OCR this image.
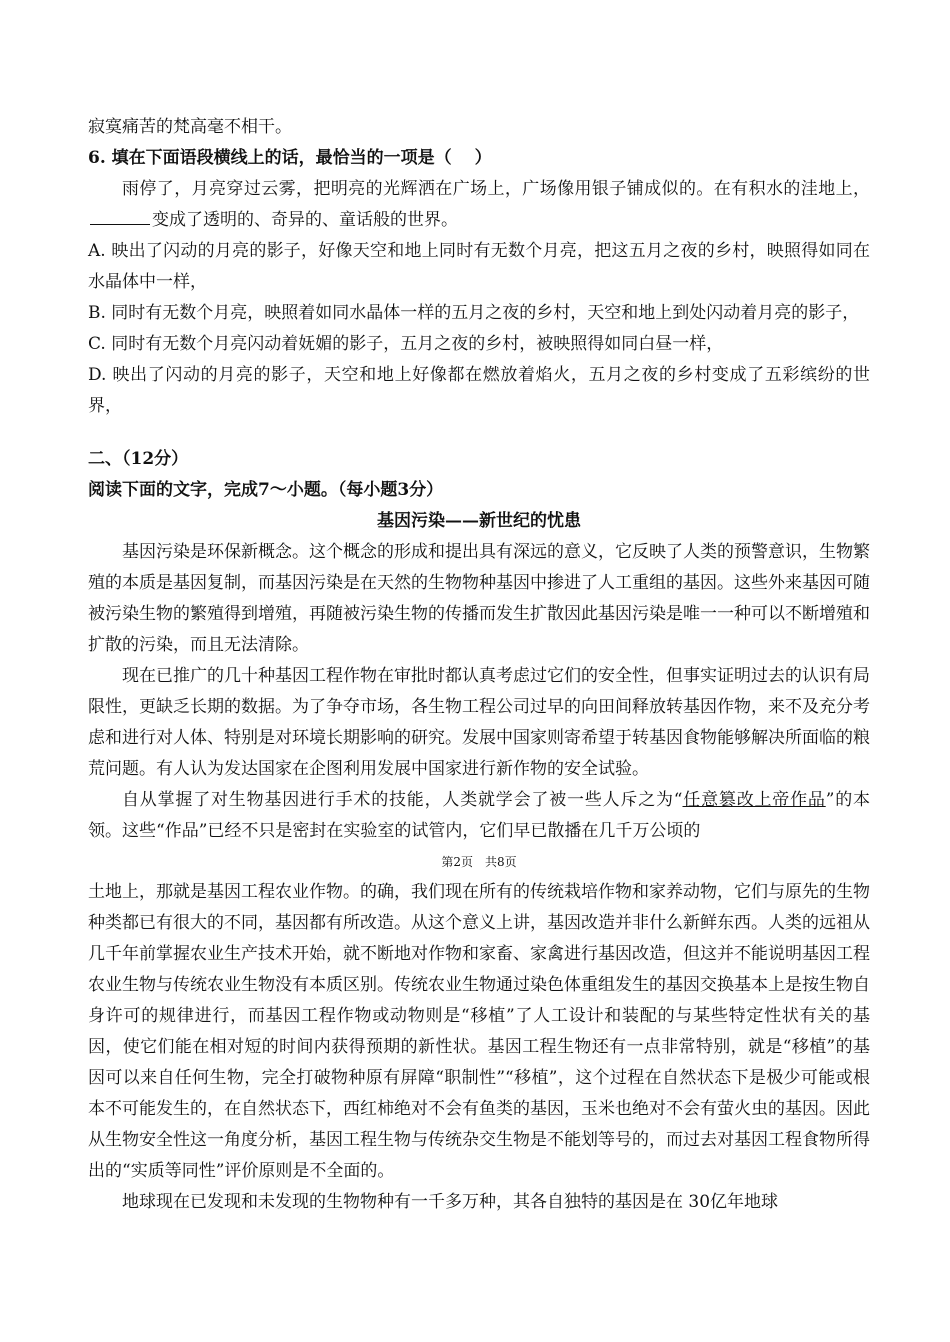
寂寞痛苦的梵高毫不相干。
6. 填在下面语段横线上的话，最恰当的一项是（　 ）
雨停了，月亮穿过云雾，把明亮的光辉洒在广场上，广场像用银子铺成似的。在有积水的洼地上，变成了透明的、奇异的、童话般的世界。
A. 映出了闪动的月亮的影子，好像天空和地上同时有无数个月亮，把这五月之夜的乡村，映照得如同在水晶体中一样，
B. 同时有无数个月亮，映照着如同水晶体一样的五月之夜的乡村，天空和地上到处闪动着月亮的影子，
C. 同时有无数个月亮闪动着妩媚的影子，五月之夜的乡村，被映照得如同白昼一样，
D. 映出了闪动的月亮的影子，天空和地上好像都在燃放着焰火，五月之夜的乡村变成了五彩缤纷的世界，
二、（12分）
阅读下面的文字，完成7～小题。（每小题3分）
基因污染——新世纪的忧患
基因污染是环保新概念。这个概念的形成和提出具有深远的意义，它反映了人类的预警意识，生物繁殖的本质是基因复制，而基因污染是在天然的生物物种基因中掺进了人工重组的基因。这些外来基因可随被污染生物的繁殖得到增殖，再随被污染生物的传播而发生扩散因此基因污染是唯一一种可以不断增殖和扩散的污染，而且无法清除。
现在已推广的几十种基因工程作物在审批时都认真考虑过它们的安全性，但事实证明过去的认识有局限性，更缺乏长期的数据。为了争夺市场，各生物工程公司过早的向田间释放转基因作物，来不及充分考虑和进行对人体、特别是对环境长期影响的研究。发展中国家则寄希望于转基因食物能够解决所面临的粮荒问题。有人认为发达国家在企图利用发展中国家进行新作物的安全试验。
自从掌握了对生物基因进行手术的技能，人类就学会了被一些人斥之为“任意篡改上帝作品”的本领。这些“作品”已经不只是密封在实验室的试管内，它们早已散播在几千万公顷的
第2页　共8页
土地上，那就是基因工程农业作物。的确，我们现在所有的传统栽培作物和家养动物，它们与原先的生物种类都已有很大的不同，基因都有所改造。从这个意义上讲，基因改造并非什么新鲜东西。人类的远祖从几千年前掌握农业生产技术开始，就不断地对作物和家畜、家禽进行基因改造，但这并不能说明基因工程农业生物与传统农业生物没有本质区别。传统农业生物通过染色体重组发生的基因交换基本上是按生物自身许可的规律进行，而基因工程作物或动物则是“移植”了人工设计和装配的与某些特定性状有关的基因，使它们能在相对短的时间内获得预期的新性状。基因工程生物还有一点非常特别，就是“移植”的基因可以来自任何生物，完全打破物种原有屏障“职制性”“移植”，这个过程在自然状态下是极少可能或根本不可能发生的，在自然状态下，西红柿绝对不会有鱼类的基因，玉米也绝对不会有萤火虫的基因。因此从生物安全性这一角度分析，基因工程生物与传统杂交生物是不能划等号的，而过去对基因工程食物所得出的“实质等同性”评价原则是不全面的。
地球现在已发现和未发现的生物物种有一千多万种，其各自独特的基因是在 30亿年地球
